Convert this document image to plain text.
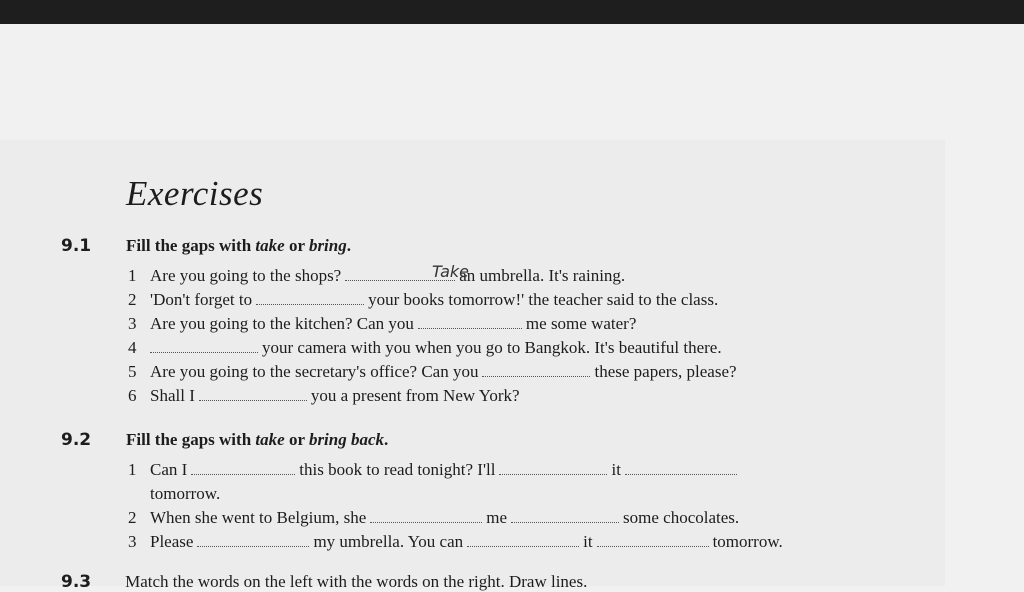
Exercises
9.1 Fill the gaps with take or bring.
1 Are you going to the shops?	an umbrella. It's raining.
Take
2 'Don't forget to	your books tomorrow!' the teacher said to the class.
3 Are you going to the kitchen? Can you	me some water?
4	your camera with you when you go to Bangkok. It's beautiful there.
5 Are you going to the secretary's office? Can you	these papers, please?
6 Shall I	you a present from New York?
9.2 Fill the gaps with take or bring back.
1 Can I	this book to read tonight? I'll	it
tomorrow.
2 When she went to Belgium, she	me	some chocolates.
3 Please	my umbrella. You can	it	tomorrow.
9.3 Match the words on the left with the words on the right. Draw lines.
